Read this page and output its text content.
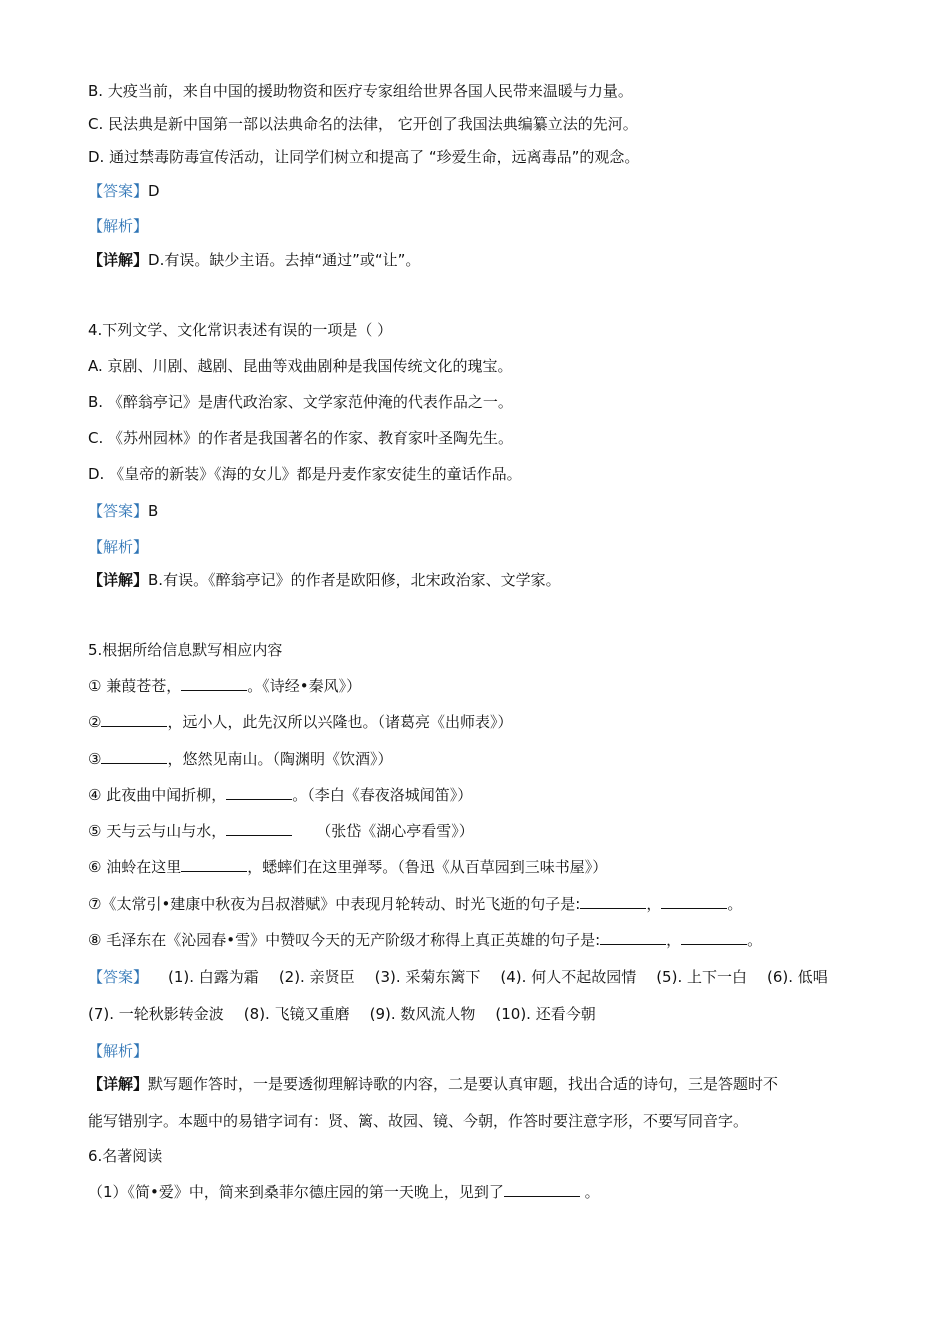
B. 大疫当前，来自中国的援助物资和医疗专家组给世界各国人民带来温暖与力量。
C. 民法典是新中国第一部以法典命名的法律， 它开创了我国法典编纂立法的先河。
D. 通过禁毒防毒宣传活动，让同学们树立和提高了 “珍爱生命，远离毒品”的观念。
【答案】D
【解析】
【详解】D.有误。缺少主语。去掉“通过”或“让”。
4.下列文学、文化常识表述有误的一项是（ ）
A. 京剧、川剧、越剧、昆曲等戏曲剧种是我国传统文化的瑰宝。
B. 《醉翁亭记》是唐代政治家、文学家范仲淹的代表作品之一。
C. 《苏州园林》的作者是我国著名的作家、教育家叶圣陶先生。
D. 《皇帝的新装》《海的女儿》都是丹麦作家安徒生的童话作品。
【答案】B
【解析】
【详解】B.有误。《醉翁亭记》的作者是欧阳修，北宋政治家、文学家。
5.根据所给信息默写相应内容
① 兼葭苍苍，	。《诗经•秦风》）
②	，远小人，此先汉所以兴隆也。（诸葛亮《出师表》）
③	，悠然见南山。（陶渊明《饮酒》）
④ 此夜曲中闻折柳，	。（李白《春夜洛城闻笛》）
⑤ 天与云与山与水，	（张岱《湖心亭看雪》）
⑥ 油蛉在这里	，蟋蟀们在这里弹琴。（鲁迅《从百草园到三味书屋》）
⑦《太常引•建康中秋夜为吕叔潜赋》中表现月轮转动、时光飞逝的句子是:	，	。
⑧ 毛泽东在《沁园春•雪》中赞叹今天的无产阶级才称得上真正英雄的句子是:	，	。
【答案】 (1). 白露为霜 (2). 亲贤臣 (3). 采菊东篱下 (4). 何人不起故园情 (5). 上下一白 (6). 低唱
(7). 一轮秋影转金波 (8). 飞镜又重磨 (9). 数风流人物 (10). 还看今朝
【解析】
【详解】默写题作答时，一是要透彻理解诗歌的内容，二是要认真审题，找出合适的诗句，三是答题时不
能写错别字。本题中的易错字词有：贤、篱、故园、镜、今朝，作答时要注意字形，不要写同音字。
6.名著阅读
（1）《简•爱》中，简来到桑菲尔德庄园的第一天晚上，见到了	。
